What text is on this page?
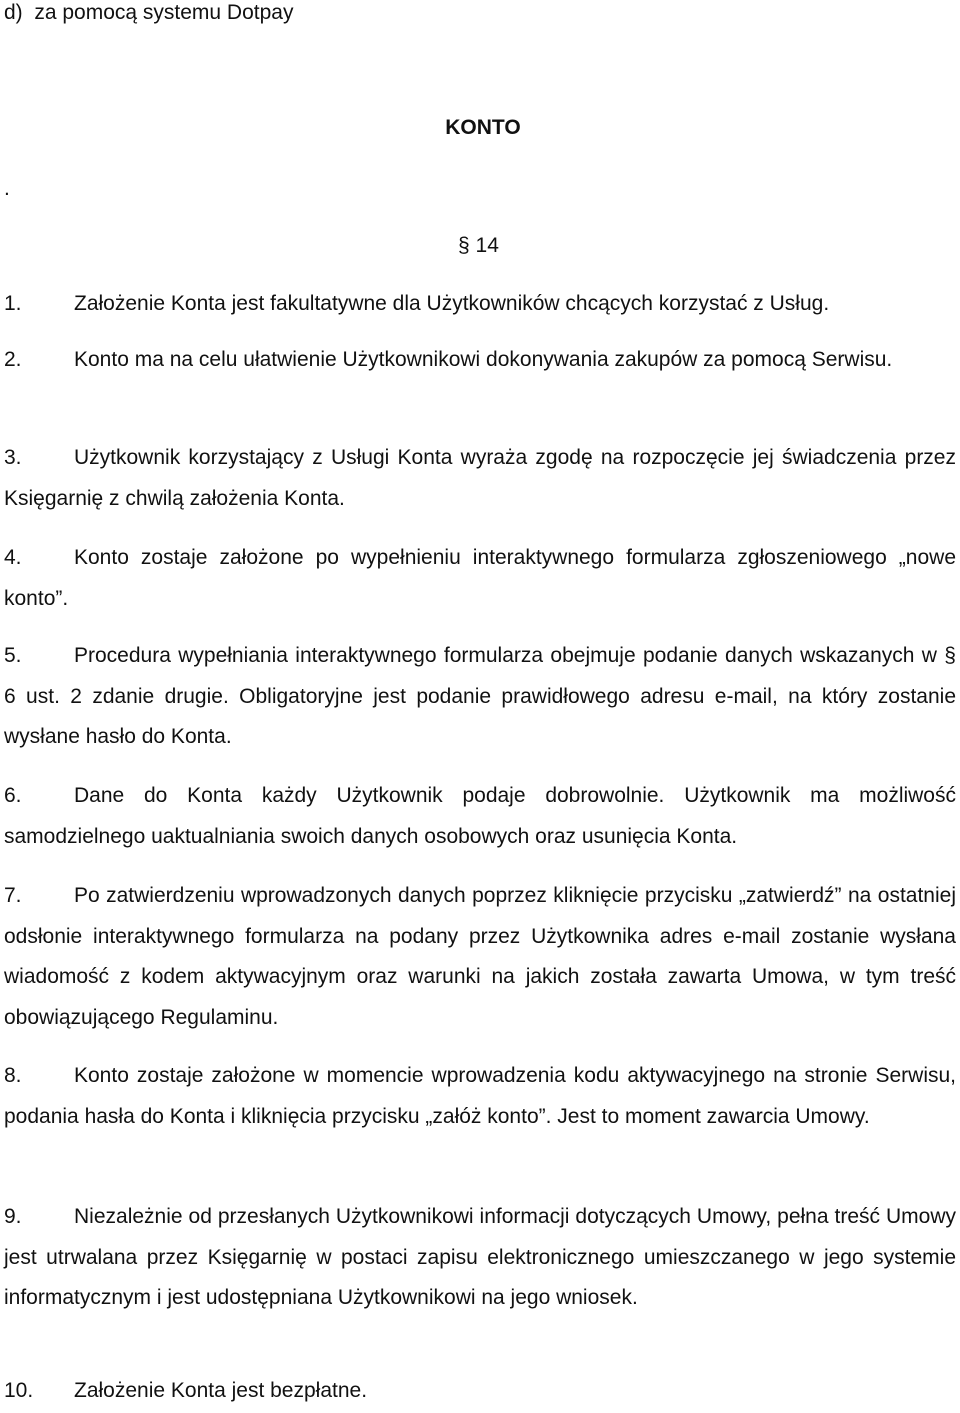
d)  za pomocą systemu Dotpay
KONTO
.
§ 14
1.	Założenie Konta jest fakultatywne dla Użytkowników chcących korzystać z Usług.
2.	Konto ma na celu ułatwienie Użytkownikowi dokonywania zakupów za pomocą Serwisu.
3.	Użytkownik korzystający z Usługi Konta wyraża zgodę na rozpoczęcie jej świadczenia przez Księgarnię z chwilą założenia Konta.
4.	Konto zostaje założone po wypełnieniu interaktywnego formularza zgłoszeniowego „nowe konto”.
5.	Procedura wypełniania interaktywnego formularza obejmuje podanie danych wskazanych w § 6 ust. 2 zdanie drugie. Obligatoryjne jest podanie prawidłowego adresu e-mail, na który zostanie wysłane hasło do Konta.
6.	Dane do Konta każdy Użytkownik podaje dobrowolnie. Użytkownik ma możliwość samodzielnego uaktualniania swoich danych osobowych oraz usunięcia Konta.
7.	Po zatwierdzeniu wprowadzonych danych poprzez kliknięcie przycisku „zatwierdź” na ostatniej odsłonie interaktywnego formularza na podany przez Użytkownika adres e-mail zostanie wysłana wiadomość z kodem aktywacyjnym oraz warunki na jakich została zawarta Umowa, w tym treść obowiązującego Regulaminu.
8.	Konto zostaje założone w momencie wprowadzenia kodu aktywacyjnego na stronie Serwisu, podania hasła do Konta i kliknięcia przycisku „załóż konto”. Jest to moment zawarcia Umowy.
9.	Niezależnie od przesłanych Użytkownikowi informacji dotyczących Umowy, pełna treść Umowy jest utrwalana przez Księgarnię w postaci zapisu elektronicznego umieszczanego w jego systemie informatycznym i jest udostępniana Użytkownikowi na jego wniosek.
10.	Założenie Konta jest bezpłatne.
